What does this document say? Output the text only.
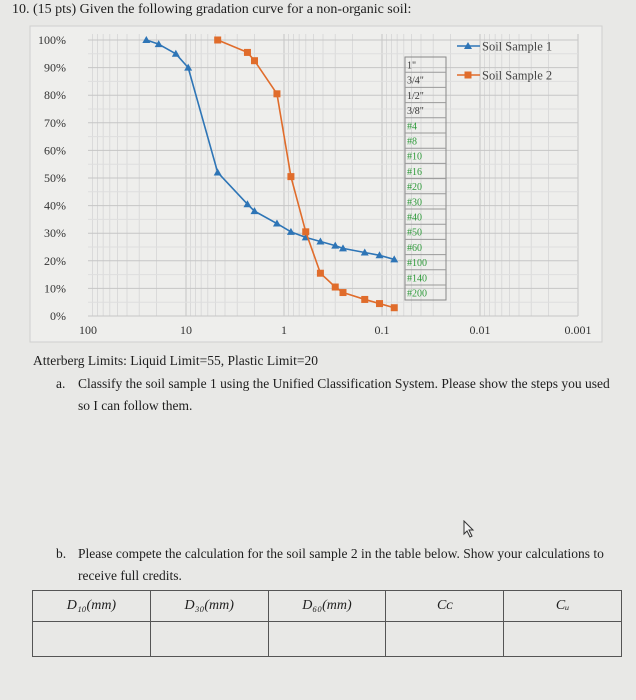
10. (15 pts) Given the following gradation curve for a non-organic soil:
0%
10%
20%
30%
40%
50%
60%
70%
80%
90%
100%
100	10	1	0.1	0.01	0.001
1"
3/4"
1/2"
3/8"
#4
#8
#10
#16
#20
#30
#40
#50
#60
#100
#140
#200
Soil Sample 1
Soil Sample 2
Atterberg Limits: Liquid Limit=55, Plastic Limit=20
a. Classify the soil sample 1 using the Unified Classification System. Please show the steps you used so I can follow them.
b. Please compete the calculation for the soil sample 2 in the table below. Show your calculations to receive full credits.
D₁₀(mm)	D₃₀(mm)	D₆₀(mm)	Cᴄ	Cᵤ
